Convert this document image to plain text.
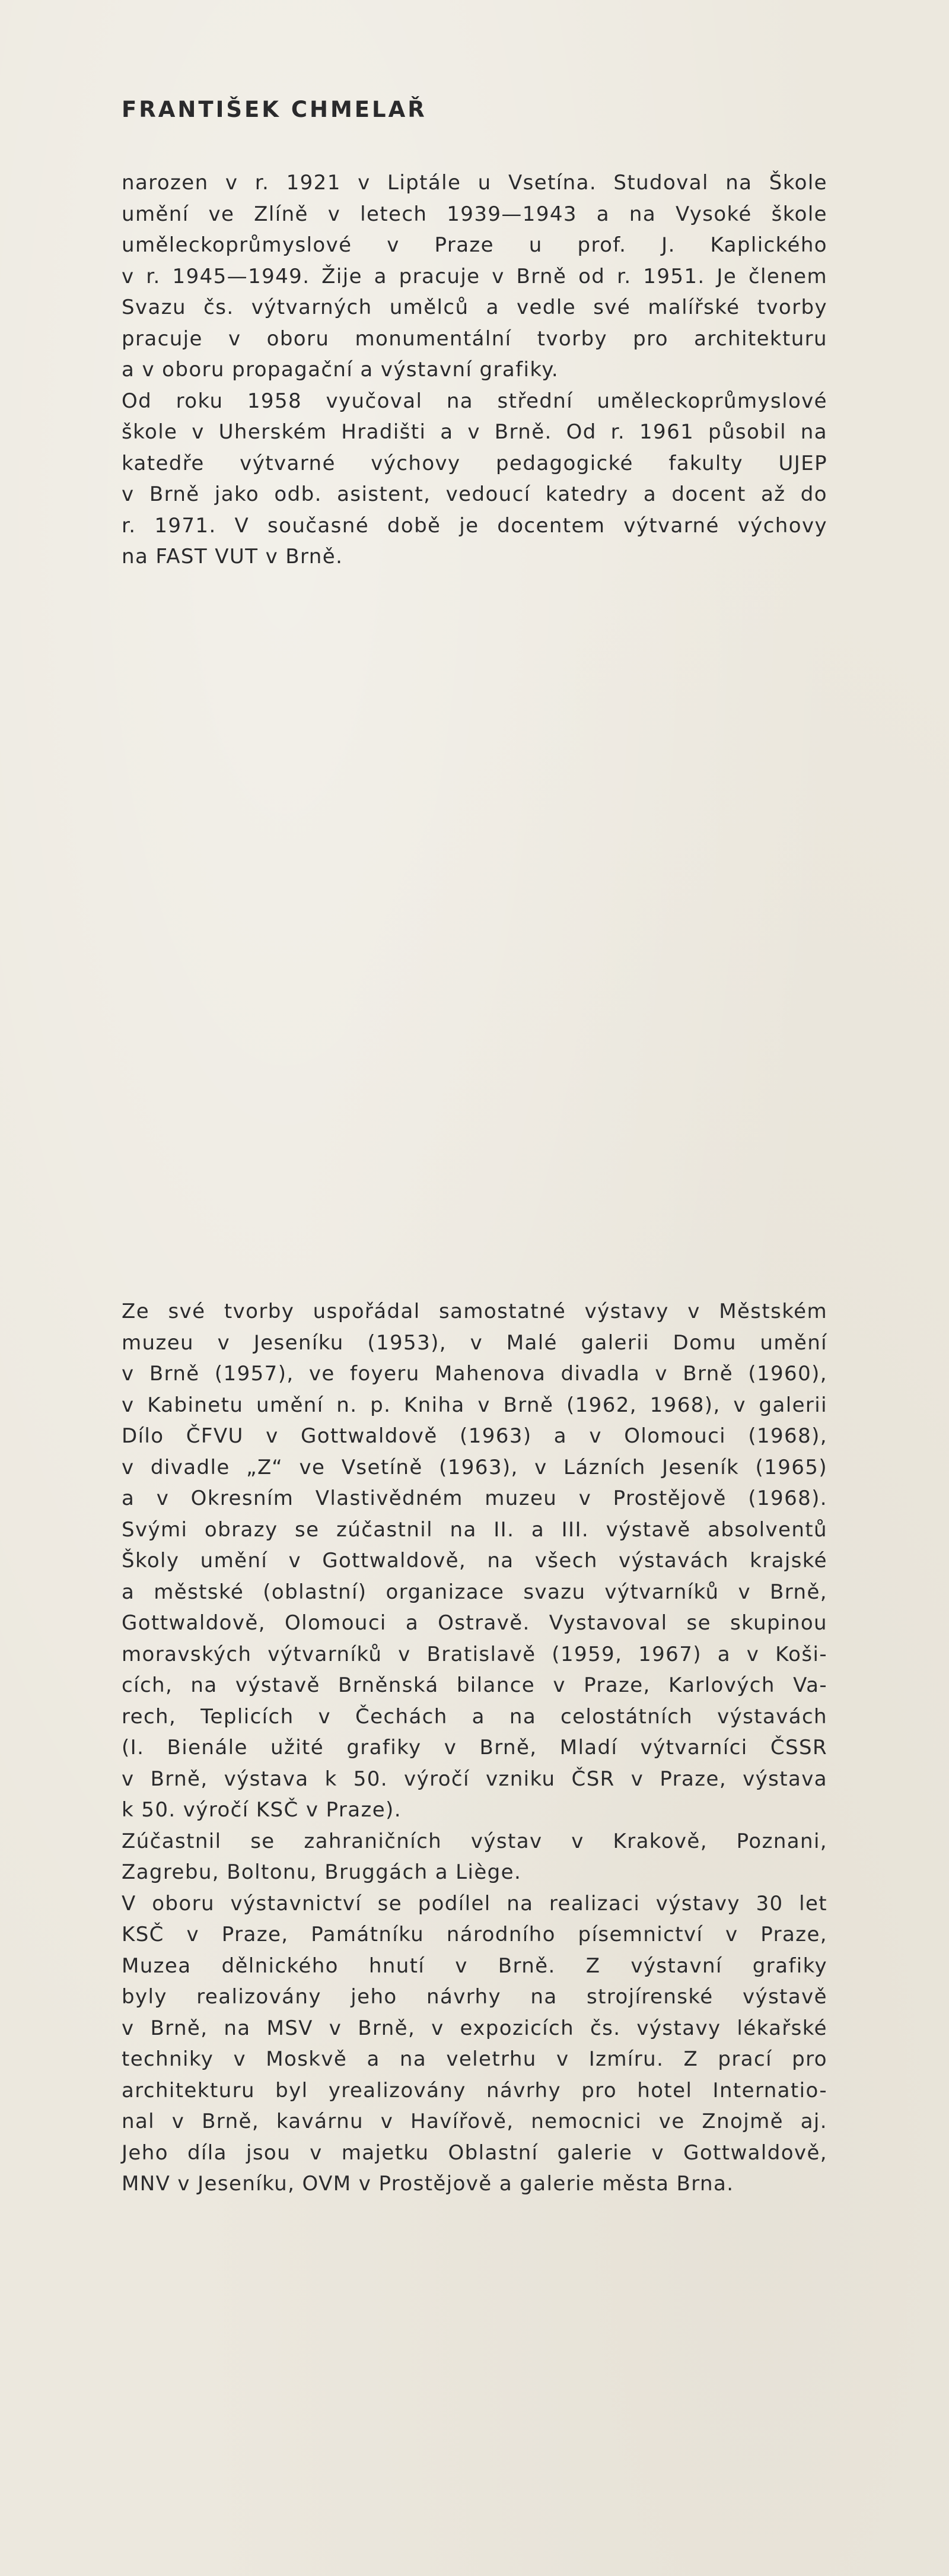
FRANTIŠEK CHMELAŘ
narozen v r. 1921 v Liptále u Vsetína. Studoval na Škole
umění ve Zlíně v letech 1939—1943 a na Vysoké škole
uměleckoprůmyslové v Praze u prof. J. Kaplického
v r. 1945—1949. Žije a pracuje v Brně od r. 1951. Je členem
Svazu čs. výtvarných umělců a vedle své malířské tvorby
pracuje v oboru monumentální tvorby pro architekturu
a v oboru propagační a výstavní grafiky.
Od roku 1958 vyučoval na střední uměleckoprůmyslové
škole v Uherském Hradišti a v Brně. Od r. 1961 působil na
katedře výtvarné výchovy pedagogické fakulty UJEP
v Brně jako odb. asistent, vedoucí katedry a docent až do
r. 1971. V současné době je docentem výtvarné výchovy
na FAST VUT v Brně.
Ze své tvorby uspořádal samostatné výstavy v Městském
muzeu v Jeseníku (1953), v Malé galerii Domu umění
v Brně (1957), ve foyeru Mahenova divadla v Brně (1960),
v Kabinetu umění n. p. Kniha v Brně (1962, 1968), v galerii
Dílo ČFVU v Gottwaldově (1963) a v Olomouci (1968),
v divadle „Z“ ve Vsetíně (1963), v Lázních Jeseník (1965)
a v Okresním Vlastivědném muzeu v Prostějově (1968).
Svými obrazy se zúčastnil na II. a III. výstavě absolventů
Školy umění v Gottwaldově, na všech výstavách krajské
a městské (oblastní) organizace svazu výtvarníků v Brně,
Gottwaldově, Olomouci a Ostravě. Vystavoval se skupinou
moravských výtvarníků v Bratislavě (1959, 1967) a v Koši-
cích, na výstavě Brněnská bilance v Praze, Karlových Va-
rech, Teplicích v Čechách a na celostátních výstavách
(I. Bienále užité grafiky v Brně, Mladí výtvarníci ČSSR
v Brně, výstava k 50. výročí vzniku ČSR v Praze, výstava
k 50. výročí KSČ v Praze).
Zúčastnil se zahraničních výstav v Krakově, Poznani,
Zagrebu, Boltonu, Bruggách a Liège.
V oboru výstavnictví se podílel na realizaci výstavy 30 let
KSČ v Praze, Památníku národního písemnictví v Praze,
Muzea dělnického hnutí v Brně. Z výstavní grafiky
byly realizovány jeho návrhy na strojírenské výstavě
v Brně, na MSV v Brně, v expozicích čs. výstavy lékařské
techniky v Moskvě a na veletrhu v Izmíru. Z prací pro
architekturu byl yrealizovány návrhy pro hotel Internatio-
nal v Brně, kavárnu v Havířově, nemocnici ve Znojmě aj.
Jeho díla jsou v majetku Oblastní galerie v Gottwaldově,
MNV v Jeseníku, OVM v Prostějově a galerie města Brna.
